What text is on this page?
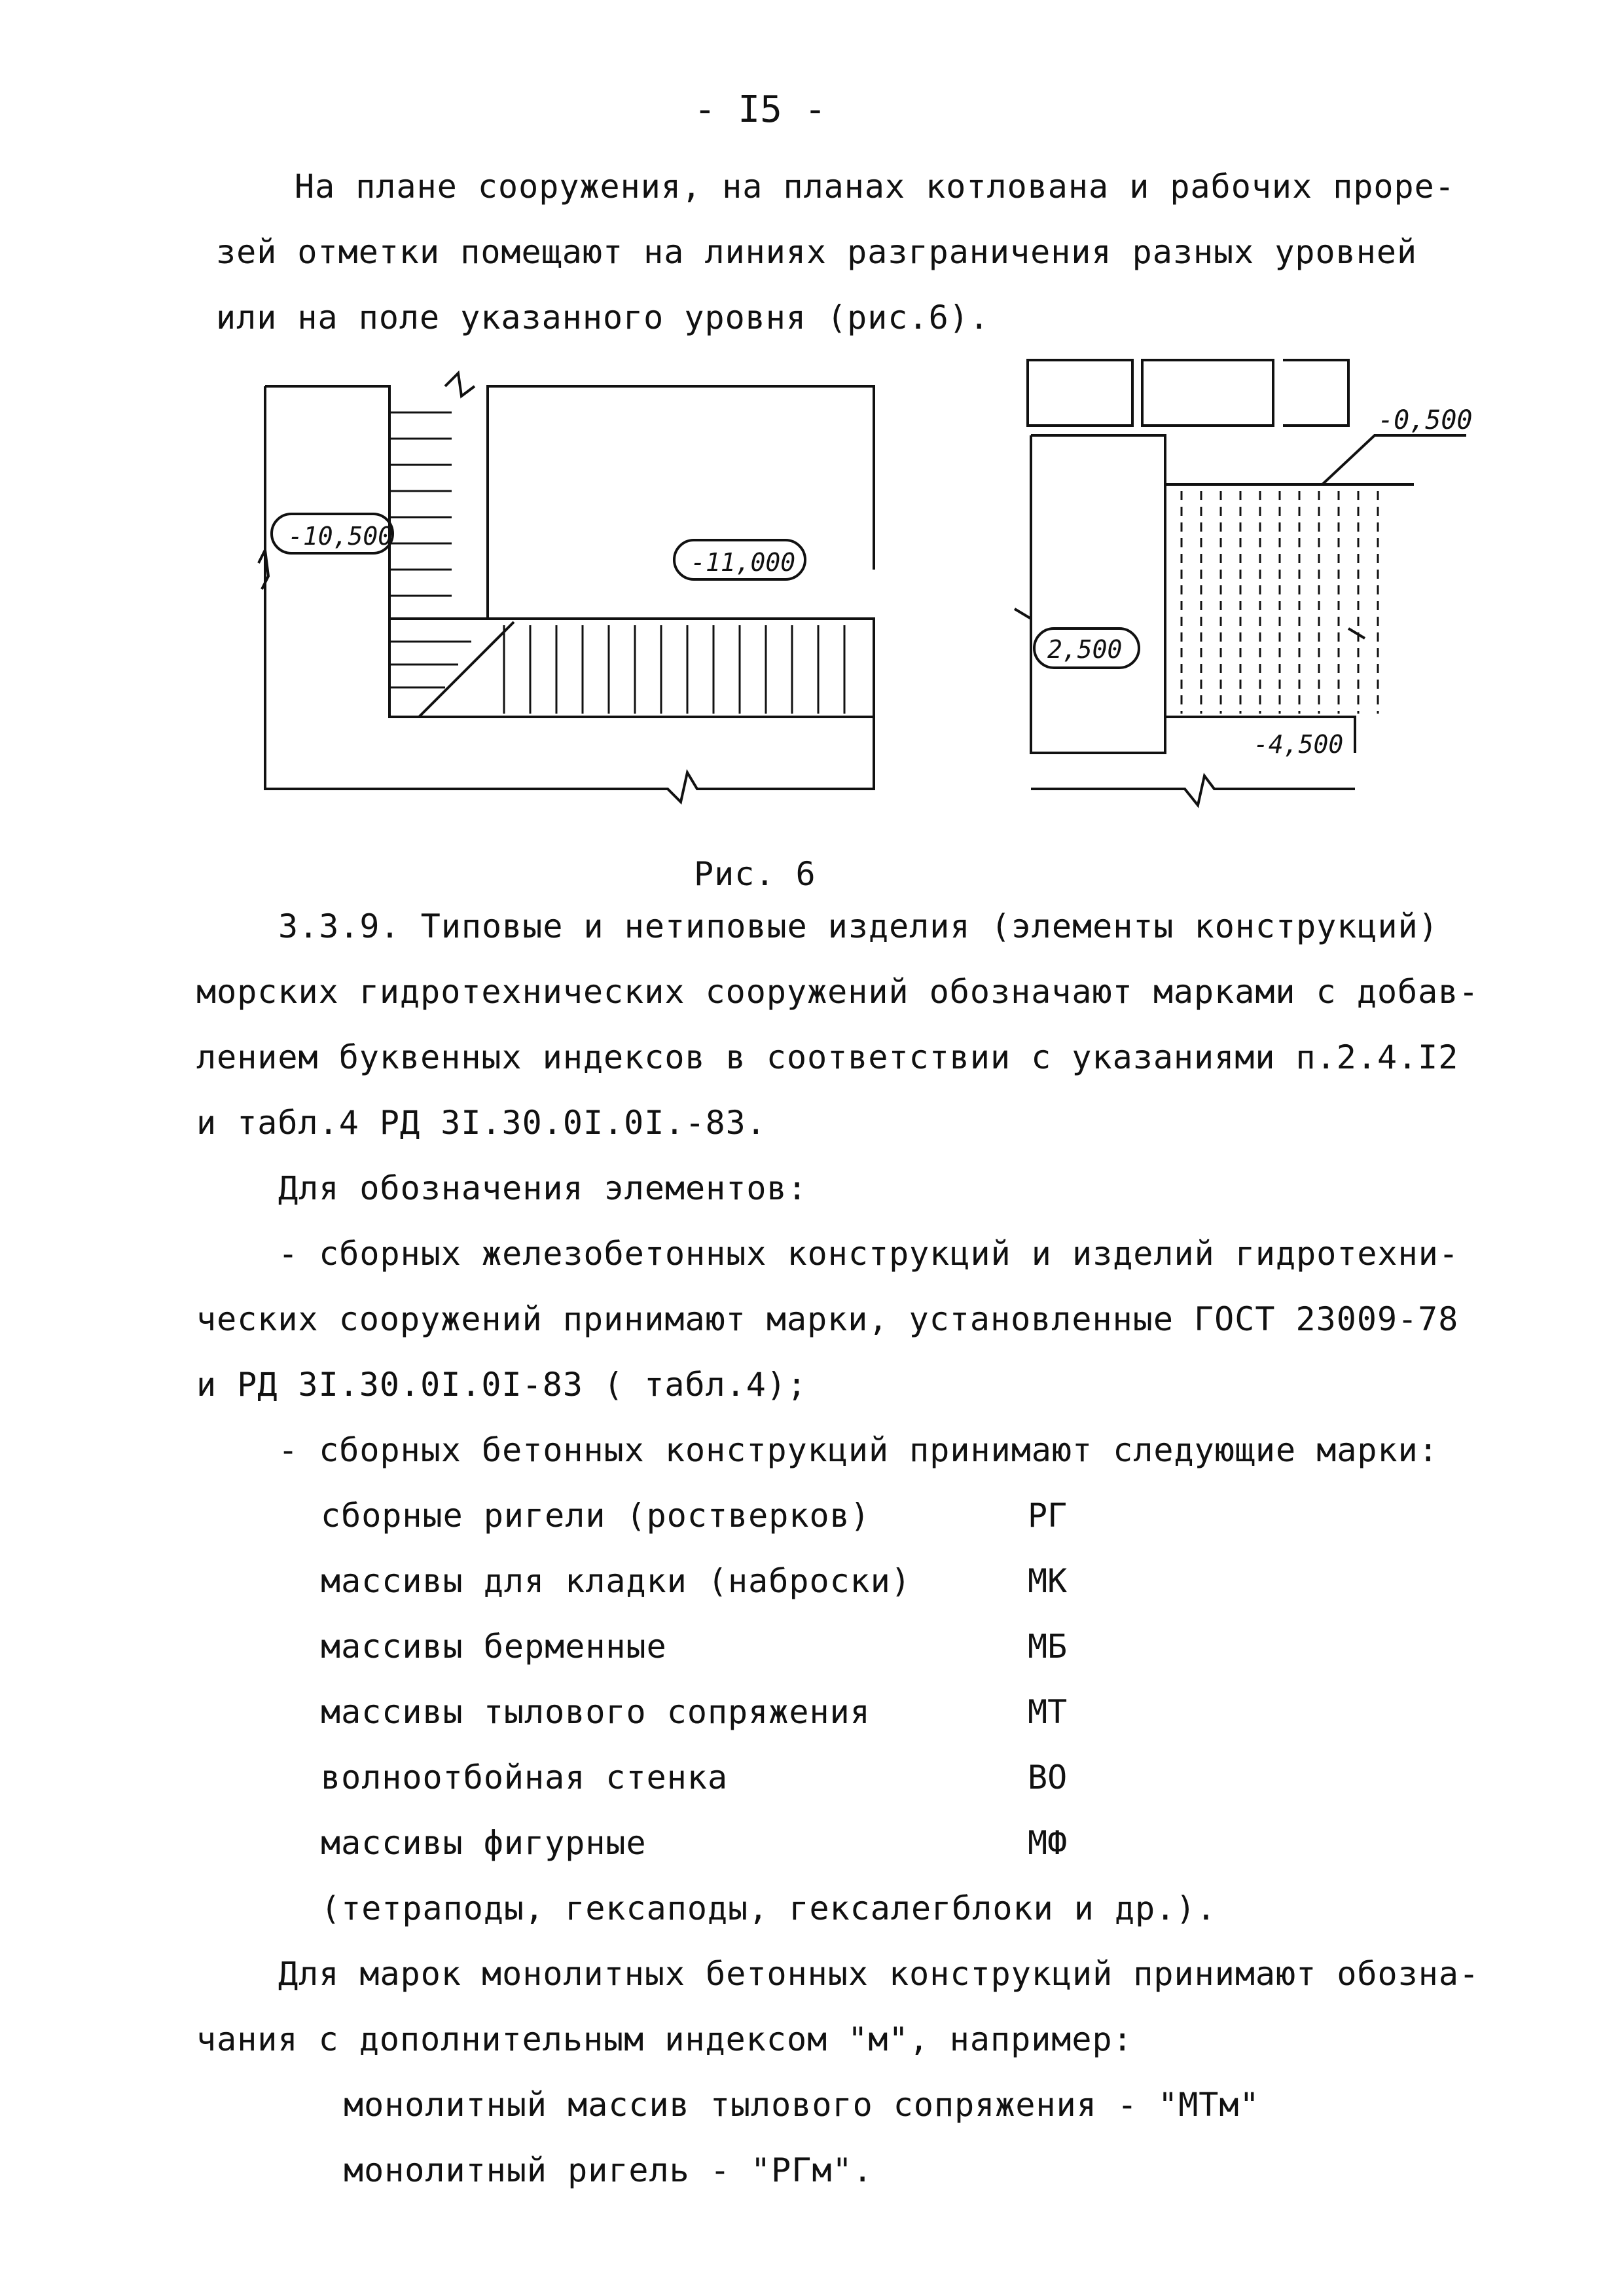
- I5 -
На плане сооружения, на планах котлована и рабочих проре-
зей отметки помещают на линиях разграничения разных уровней
или на поле указанного уровня (рис.6).
-10,500
-11,000
-0,500
2,500
-4,500
Рис. 6
3.3.9. Типовые и нетиповые изделия (элементы конструкций)
морских гидротехнических сооружений обозначают марками с добав-
лением буквенных индексов в соответствии с указаниями п.2.4.I2
и табл.4 РД 3I.30.0I.0I.-83.
Для обозначения элементов:
- сборных железобетонных конструкций и изделий гидротехни-
ческих сооружений принимают марки, установленные ГОСТ 23009-78
и РД 3I.30.0I.0I-83 ( табл.4);
- сборных бетонных конструкций принимают следующие марки:
сборные ригели (ростверков)	РГ
массивы для кладки (наброски)	МК
массивы берменные	МБ
массивы тылового сопряжения	МТ
волноотбойная стенка	ВО
массивы фигурные	МФ
(тетраподы, гексаподы, гексалегблоки и др.).
Для марок монолитных бетонных конструкций принимают обозна-
чания с дополнительным индексом "м", например:
монолитный массив тылового сопряжения - "МТм"
монолитный ригель - "РГм".
